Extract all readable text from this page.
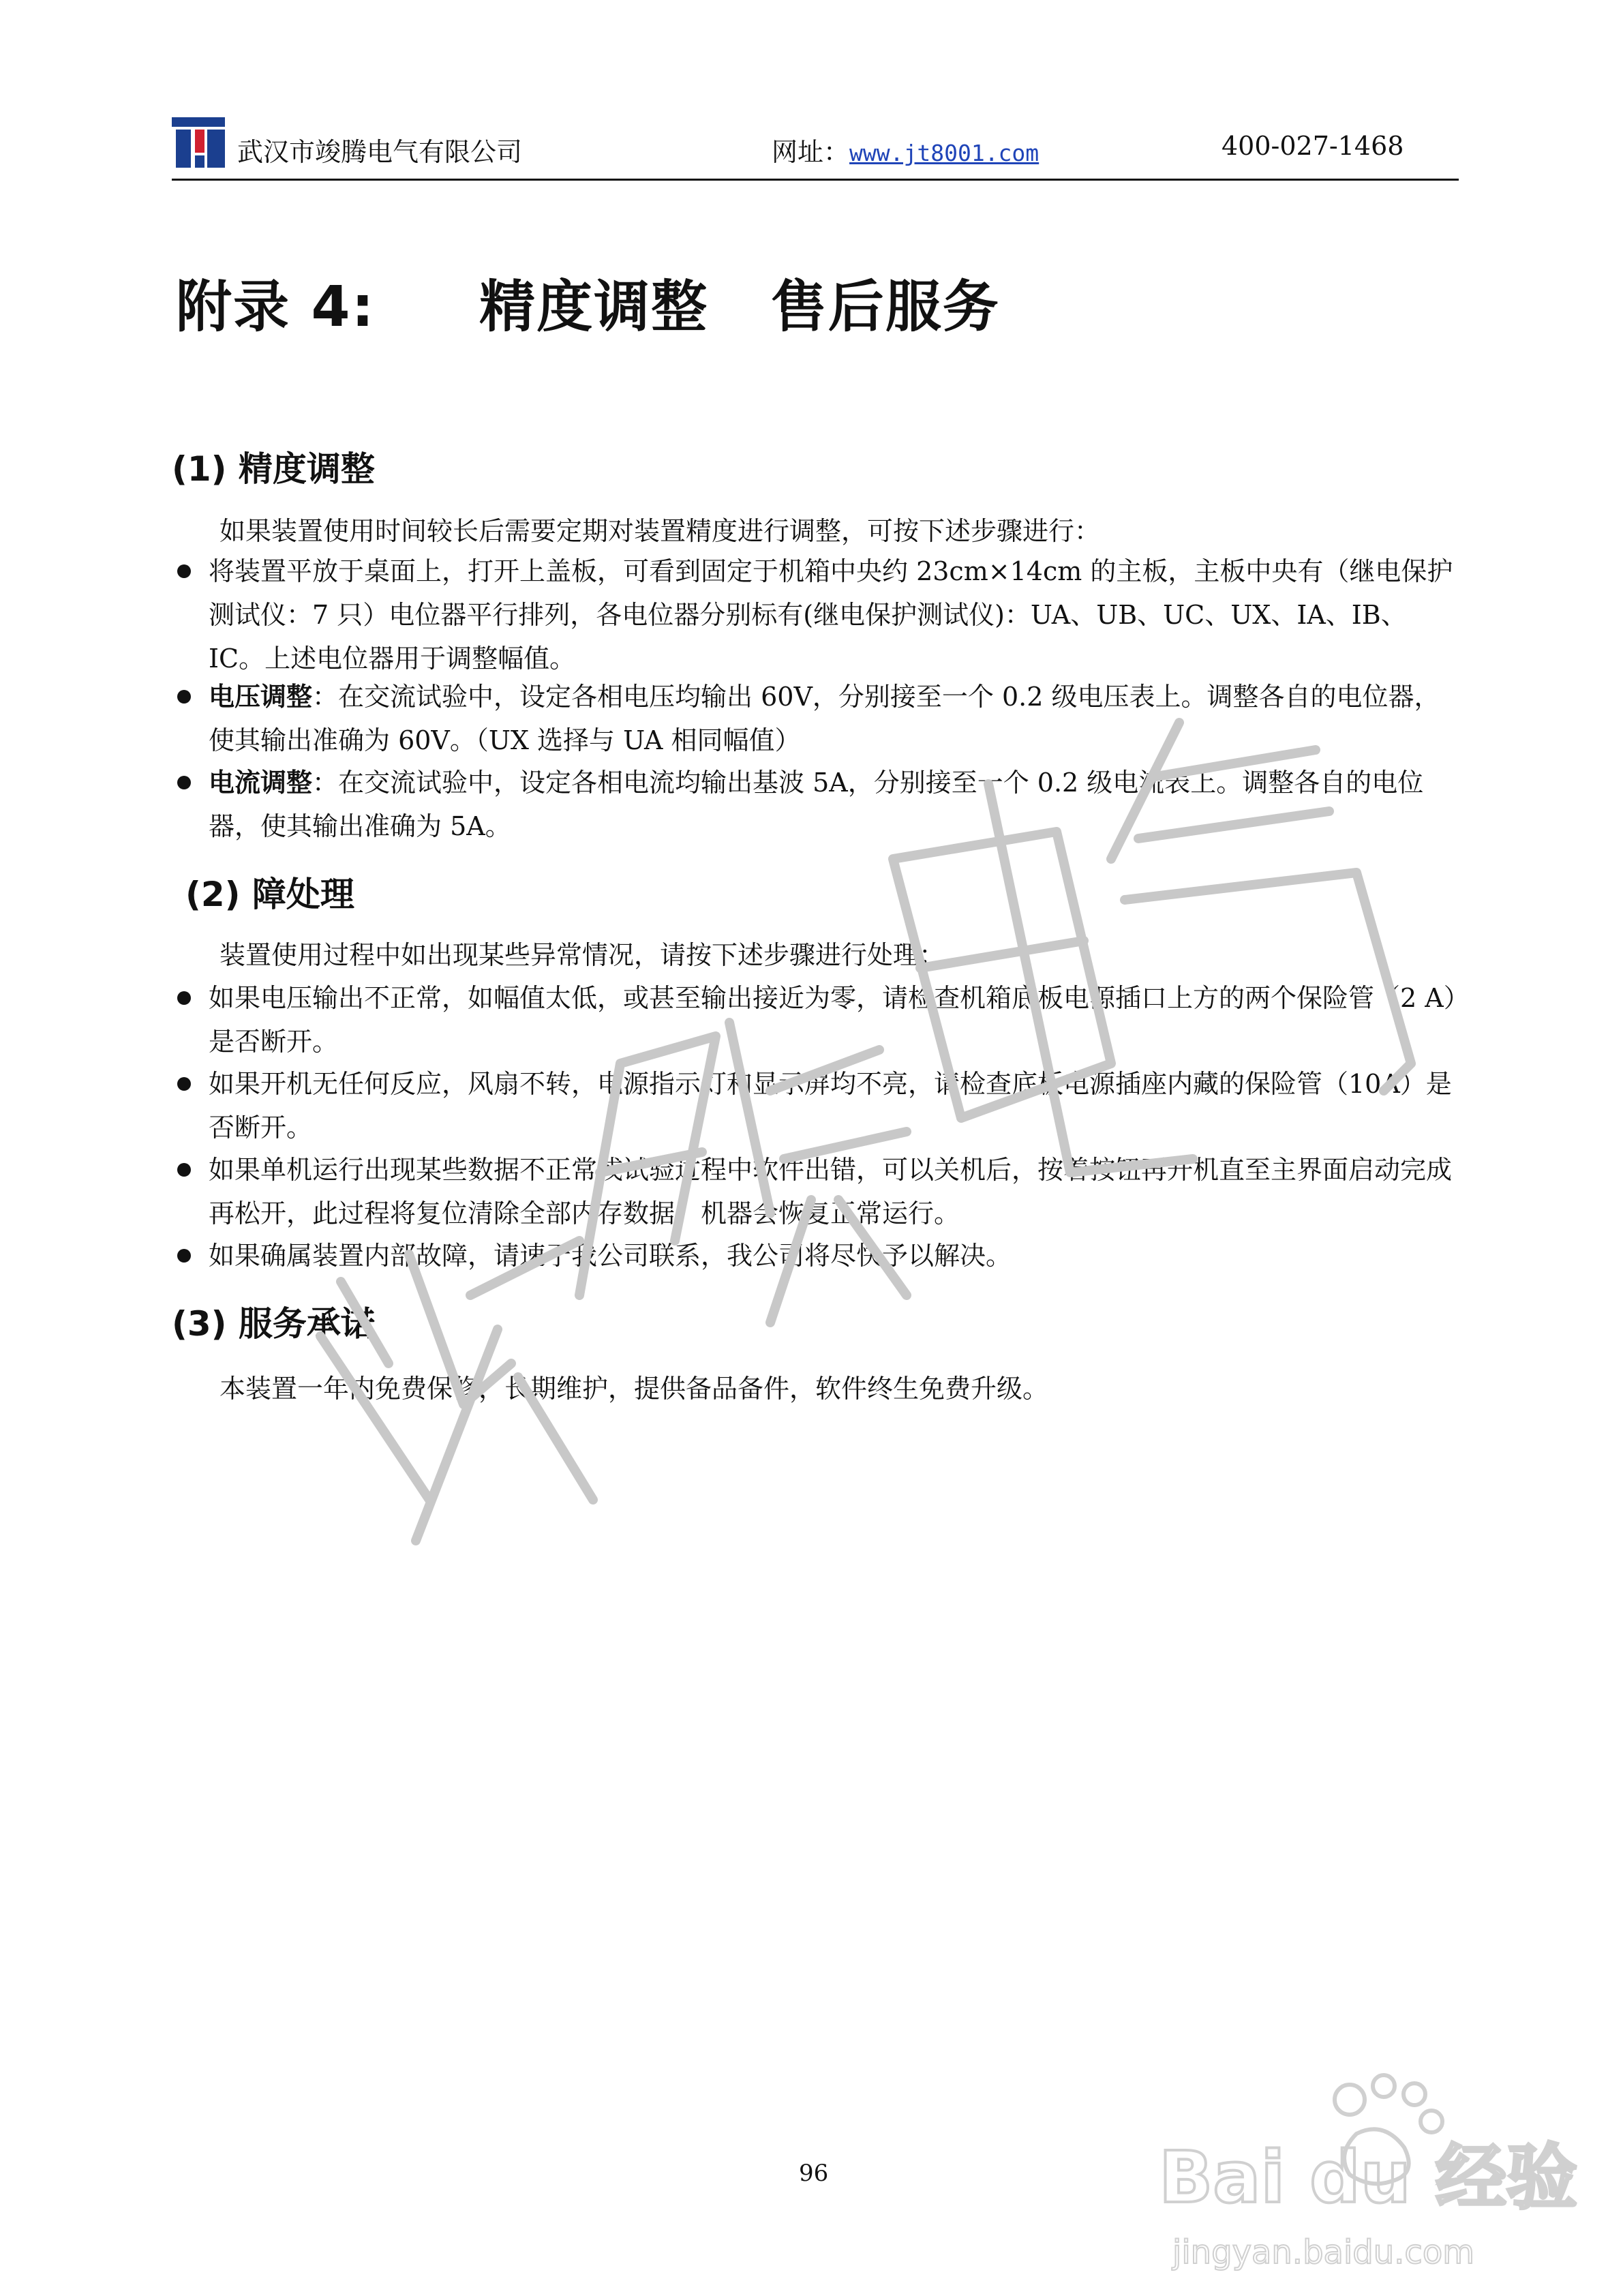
武汉市竣腾电气有限公司	网址：www.jt8001.com	400-027-1468
附录 4:     精度调整   售后服务
(1) 精度调整
如果装置使用时间较长后需要定期对装置精度进行调整，可按下述步骤进行：
将装置平放于桌面上，打开上盖板，可看到固定于机箱中央约 23cm×14cm 的主板，主板中央有（继电保护测试仪：7 只）电位器平行排列，各电位器分别标有(继电保护测试仪)：UA、UB、UC、UX、IA、IB、IC。上述电位器用于调整幅值。
电压调整：在交流试验中，设定各相电压均输出 60V，分别接至一个 0.2 级电压表上。调整各自的电位器，使其输出准确为 60V。（UX 选择与 UA 相同幅值）
电流调整：在交流试验中，设定各相电流均输出基波 5A，分别接至一个 0.2 级电流表上。调整各自的电位器，使其输出准确为 5A。
(2) 障处理
装置使用过程中如出现某些异常情况，请按下述步骤进行处理：
如果电压输出不正常，如幅值太低，或甚至输出接近为零，请检查机箱底板电源插口上方的两个保险管（2 A）是否断开。
如果开机无任何反应，风扇不转，电源指示灯和显示屏均不亮，请检查底板电源插座内藏的保险管（10A）是否断开。
如果单机运行出现某些数据不正常或试验过程中软件出错，可以关机后，按着按钮再开机直至主界面启动完成再松开，此过程将复位清除全部内存数据，机器会恢复正常运行。
如果确属装置内部故障，请速于我公司联系，我公司将尽快予以解决。
(3) 服务承诺
本装置一年内免费保修，长期维护，提供备品备件，软件终生免费升级。
96	Bai du 经验
jingyan.baidu.com
